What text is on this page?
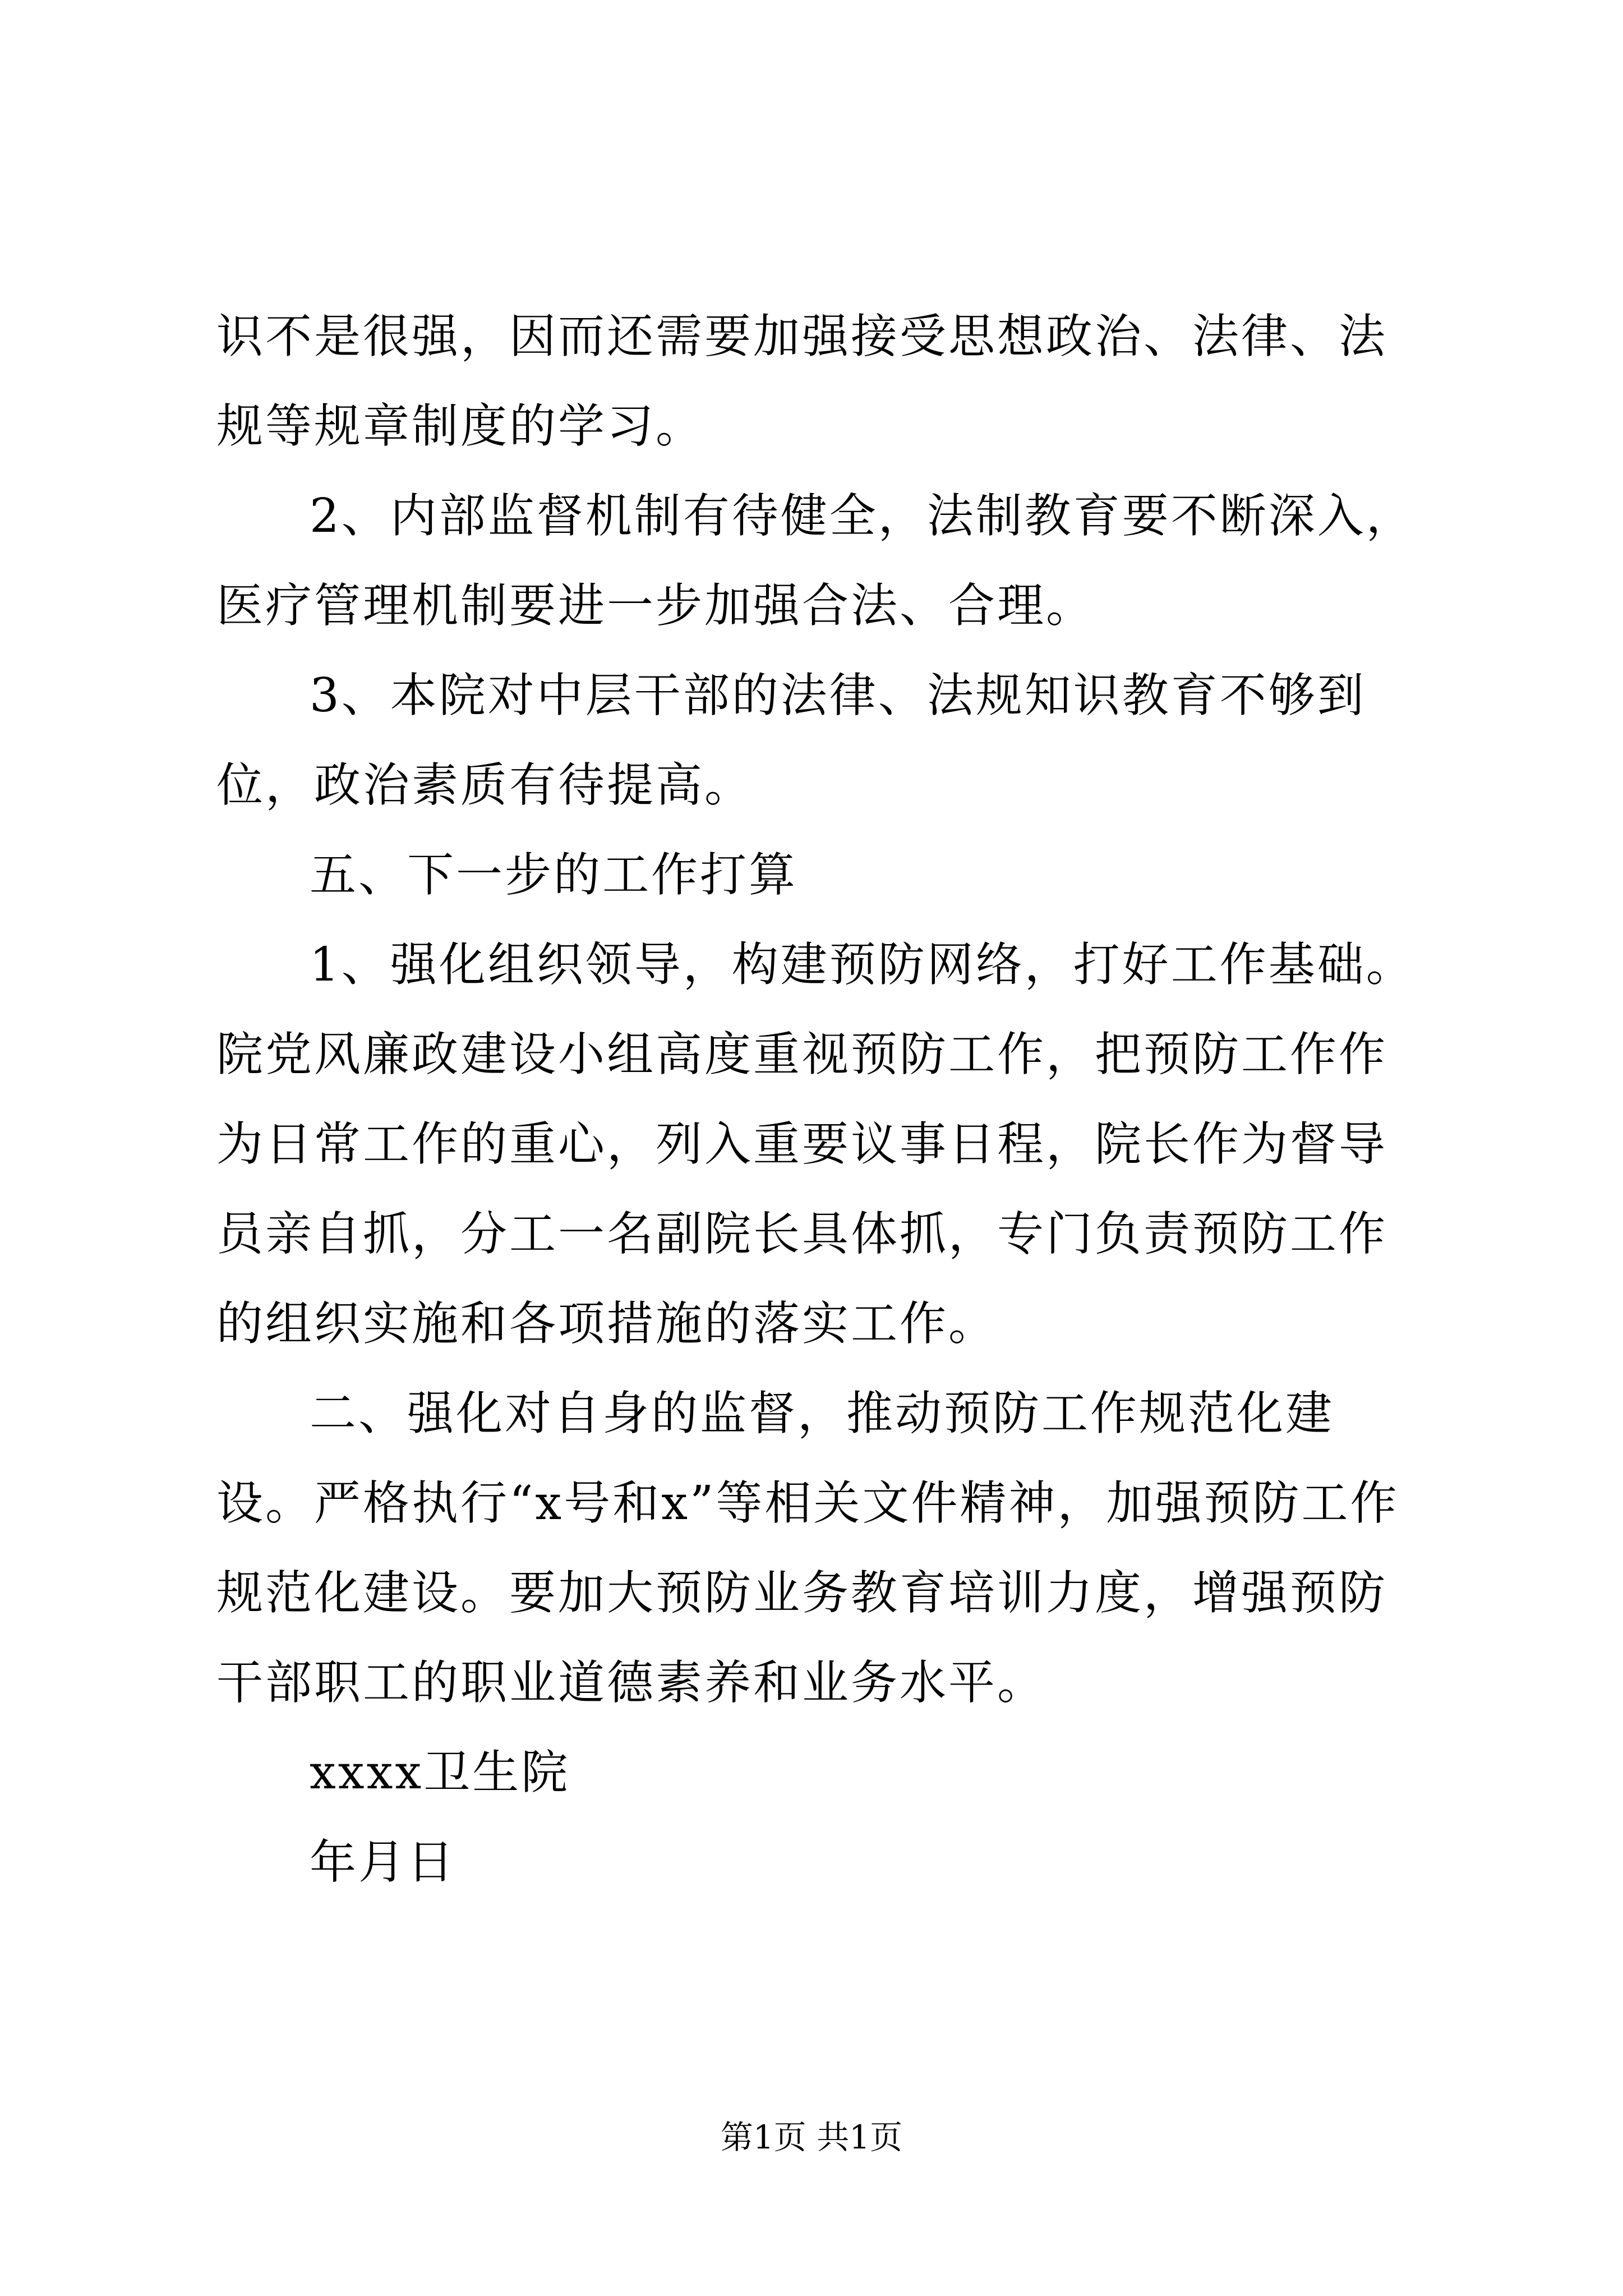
识不是很强，因而还需要加强接受思想政治、法律、法规等规章制度的学习。

2、内部监督机制有待健全，法制教育要不断深入，医疗管理机制要进一步加强合法、合理。

3、本院对中层干部的法律、法规知识教育不够到位，政治素质有待提高。

五、下一步的工作打算

1、强化组织领导，构建预防网络，打好工作基础。院党风廉政建设小组高度重视预防工作，把预防工作作为日常工作的重心，列入重要议事日程，院长作为督导员亲自抓，分工一名副院长具体抓，专门负责预防工作的组织实施和各项措施的落实工作。

二、强化对自身的监督，推动预防工作规范化建设。严格执行“x号和x”等相关文件精神，加强预防工作规范化建设。要加大预防业务教育培训力度，增强预防干部职工的职业道德素养和业务水平。

xxxx卫生院

年月日

第1页 共1页
